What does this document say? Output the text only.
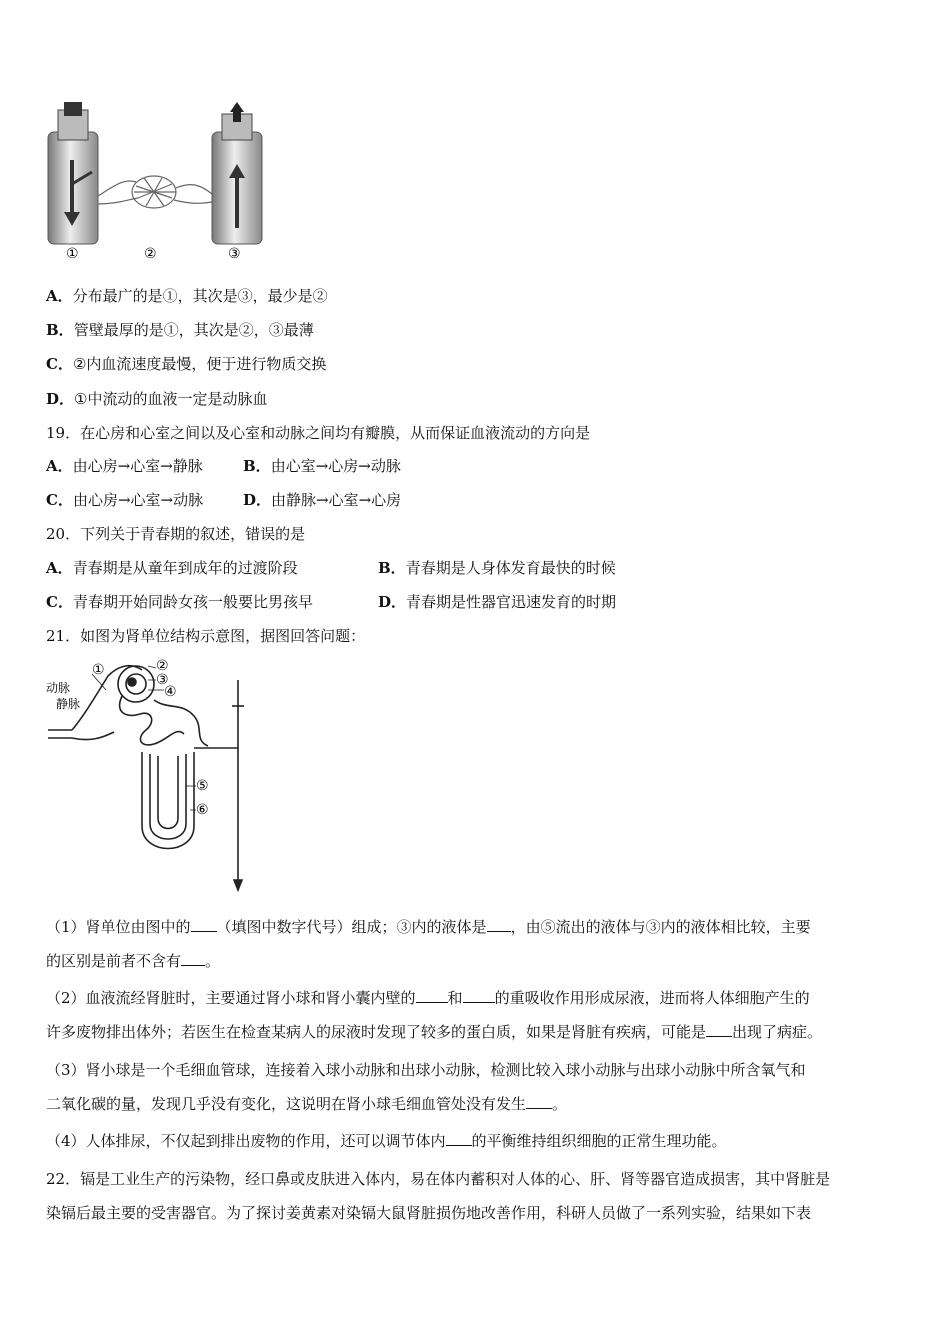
①	②	③
A．分布最广的是①，其次是③，最少是②
B．管壁最厚的是①，其次是②，③最薄
C．②内血流速度最慢，便于进行物质交换
D．①中流动的血液一定是动脉血
19．在心房和心室之间以及心室和动脉之间均有瓣膜，从而保证血液流动的方向是
A．由心房→心室→静脉	B．由心室→心房→动脉
C．由心房→心室→动脉	D．由静脉→心室→心房
20．下列关于青春期的叙述，错误的是
A．青春期是从童年到成年的过渡阶段	B．青春期是人身体发育最快的时候
C．青春期开始同龄女孩一般要比男孩早	D．青春期是性器官迅速发育的时期
21．如图为肾单位结构示意图，据图回答问题：
动脉
静脉
①	②
③
④
⑤
⑥
（1）肾单位由图中的 （填图中数字代号）组成；③内的液体是 ，由⑤流出的液体与③内的液体相比较，主要
的区别是前者不含有 。
（2）血液流经肾脏时，主要通过肾小球和肾小囊内壁的 和 的重吸收作用形成尿液，进而将人体细胞产生的
许多废物排出体外；若医生在检查某病人的尿液时发现了较多的蛋白质，如果是肾脏有疾病，可能是 出现了病症。
（3）肾小球是一个毛细血管球，连接着入球小动脉和出球小动脉，检测比较入球小动脉与出球小动脉中所含氧气和
二氧化碳的量，发现几乎没有变化，这说明在肾小球毛细血管处没有发生 。
（4）人体排尿，不仅起到排出废物的作用，还可以调节体内 的平衡维持组织细胞的正常生理功能。
22．镉是工业生产的污染物，经口鼻或皮肤进入体内，易在体内蓄积对人体的心、肝、肾等器官造成损害，其中肾脏是
染镉后最主要的受害器官。为了探讨姜黄素对染镉大鼠肾脏损伤地改善作用，科研人员做了一系列实验，结果如下表
